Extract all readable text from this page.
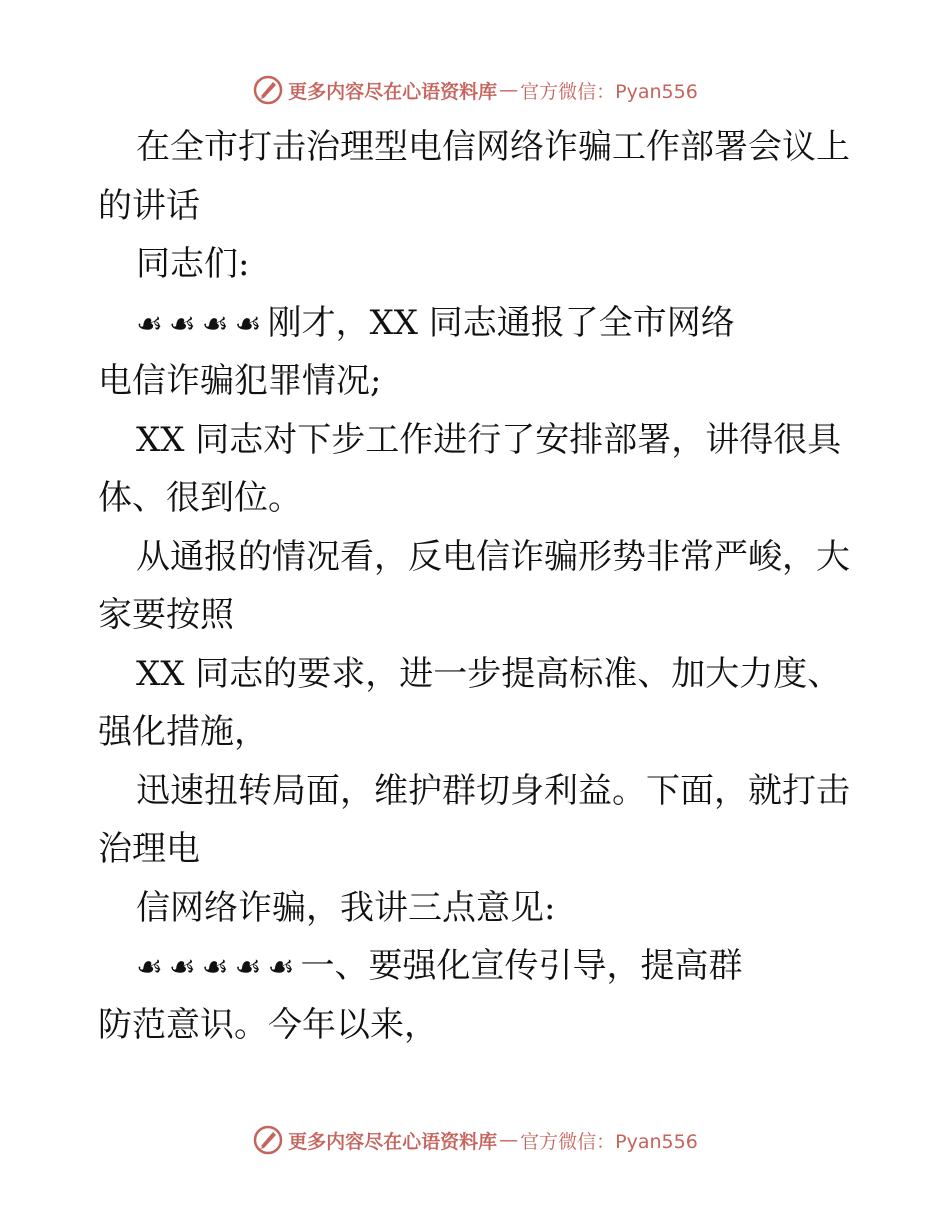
更多内容尽在心语资料库 — 官方微信：Pyan556
在全市打击治理型电信网络诈骗工作部署会议上
的讲话
同志们:
☙☙☙☙刚才，XX 同志通报了全市网络
电信诈骗犯罪情况;
XX 同志对下步工作进行了安排部署，讲得很具
体、很到位。
从通报的情况看，反电信诈骗形势非常严峻，大
家要按照
XX 同志的要求，进一步提高标准、加大力度、
强化措施，
迅速扭转局面，维护群切身利益。下面，就打击
治理电
信网络诈骗，我讲三点意见:
☙☙☙☙☙一、要强化宣传引导，提高群
防范意识。今年以来，
更多内容尽在心语资料库 — 官方微信：Pyan556
